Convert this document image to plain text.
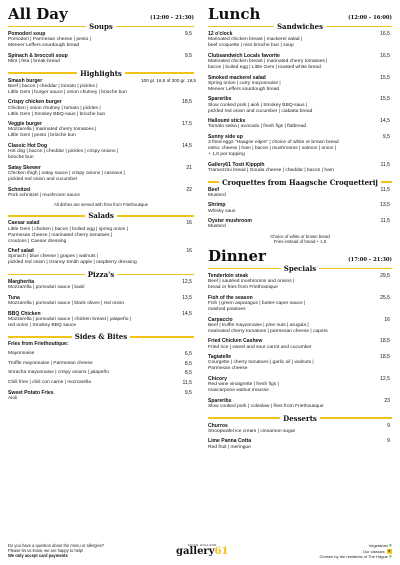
All Day	(12:00 – 21:30)
Soups
Pomodori soup
Pomodori | Parmesan cheese | pesto |
Meneer Leffers sourdough bread
9,5
Spinach & broccoli soup
Mint | feta | break-bread
9,5
Highlights
Smash burger
Beef | bacon | cheddar | tomato | pickles |
Little Gem | burger sauce | onion chutney | brioche bun
100 gr. 16,5 of 200 gr. 19,5
Crispy chicken burger
Chicken | onion chutney | tomato | pickles |
Little Gem | Smokey BBQ-saus | brioche bun
18,5
Veggie burger
Mozzarella | marinated cherry tomatoes |
Little Gem | pesto | brioche bun
17,5
Classic Hot Dog
Hot dog | bacon | cheddar | pickles | crispy onions |
brioche bun
14,5
Satay Skewer
Chicken thigh | satay sauce | crispy onions | cassava |
pickled red onion and cucumber
21
Schnitzel
Pork schnitzel | mushroom sauce
22
All dishes are served with fries from Friethoutique
Salads
Caesar salad
Little Gem | chicken | bacon | boiled egg | spring onion |
Parmesan cheese | marinated cherry tomatoes |
croutons | Caesar dressing
16
Chef salad
Spinach | blue cheese | grapes | walnuts |
pickled red onion | Granny Smith apple | raspberry dressing
16
Pizza's
Margherita
Mozzarella | pomodori sauce | basil
12,5
Tuna
Mozzarella | pomodori sauce | black olives | red onion
13,5
BBQ Chicken
Mozzarella | pomodori sauce | chicken breast | jalapeño |
red onion | Smokey BBQ sauce
14,5
Sides & Bites
Fries from Friethoutique:
Mayonnaise	6,5
Truffle mayonnaise | Parmesan cheese	8,5
Sriracha mayonnaise | crispy onions | jalapeño	8,5
Chili fries | chili con carne | mozzarella	11,5
Sweet Potato Fries
Aioli
9,5
Lunch	(12:00 – 16:00)
Sandwiches
12 o'clock
Marinated chicken breast | mackerel salad |
beef croquette | mini brioche bun | soup
16,5
Clubsandwich Locals favorite
Marinated chicken breast | marinated cherry tomatoes |
bacon | boiled egg | Little Gem | toasted white bread
16,5
Smoked mackerel salad
Spring onion | curry mayonnaise |
Meneer Leffers sourdough bread
15,5
Spareribs
Slow cooked pork | aioli | Smokey BBQ-saus |
pickled red onion and cucumber | ciabatta bread
15,5
Halloumi sticks
Tomato salsa | avocado | fresh figs | flatbread
14,5
Sunny side up
3 fried eggs "Haagse eitjes" | choice of white or brown bread
extra: cheese | ham | bacon | mushrooms | salmon | onion |
+ 1,0 per topping
9,5
Gallery61 Tosti Kipppih
Tramezzini bread | Gouda cheese | cheddar | bacon | ham
11,5
Croquettes from Haagsche Croquetterij
Beef
Musterd
11,5
Shrimp
Whisky saus
13,5
Oyster mushroom
Musterd
11,5
Choice of white or brown bread
Fries instead of bread + 1,5
Dinner	(17:00 – 21:30)
Specials
Tenderloin steak
Beef | sautéed mushrooms and onions |
bread or fries from Friethoutique
29,5
Fish of the season
Fish | green asparagus | butter-caper sauce |
mashed potatoes
25,5
Carpaccio
Beef | truffle mayonnaise | pine nuts | arugula |
marinated cherry tomatoes | parmesan cheese | capers
16
Fried Chicken Cashew
Fried rice | sweet and sour carrot and cucumber
18,5
Tagiatelle
Courgette | cherry tomatoes | garlic oil | walnuts |
Parmesan cheese
18,5
Chicory
Red wine vinaigrette | fresh figs |
mascarpone walnut mousse
12,5
Spareribs
Slow cooked pork | coleslaw | fries from Friethoutique
23
Desserts
Churros
Stroopwafel ice cream | cinnamon sugar
9
Lime Panna Cotta
Red fruit | meringue
9
Do you have a question about the menu or allergies?
Please let us know, we are happy to help!
We only accept card payments
SINCE HOLLAND
gallery61
Vegetarian ♥
Our classics ★
Chosen by the residents of The Hague ♥
